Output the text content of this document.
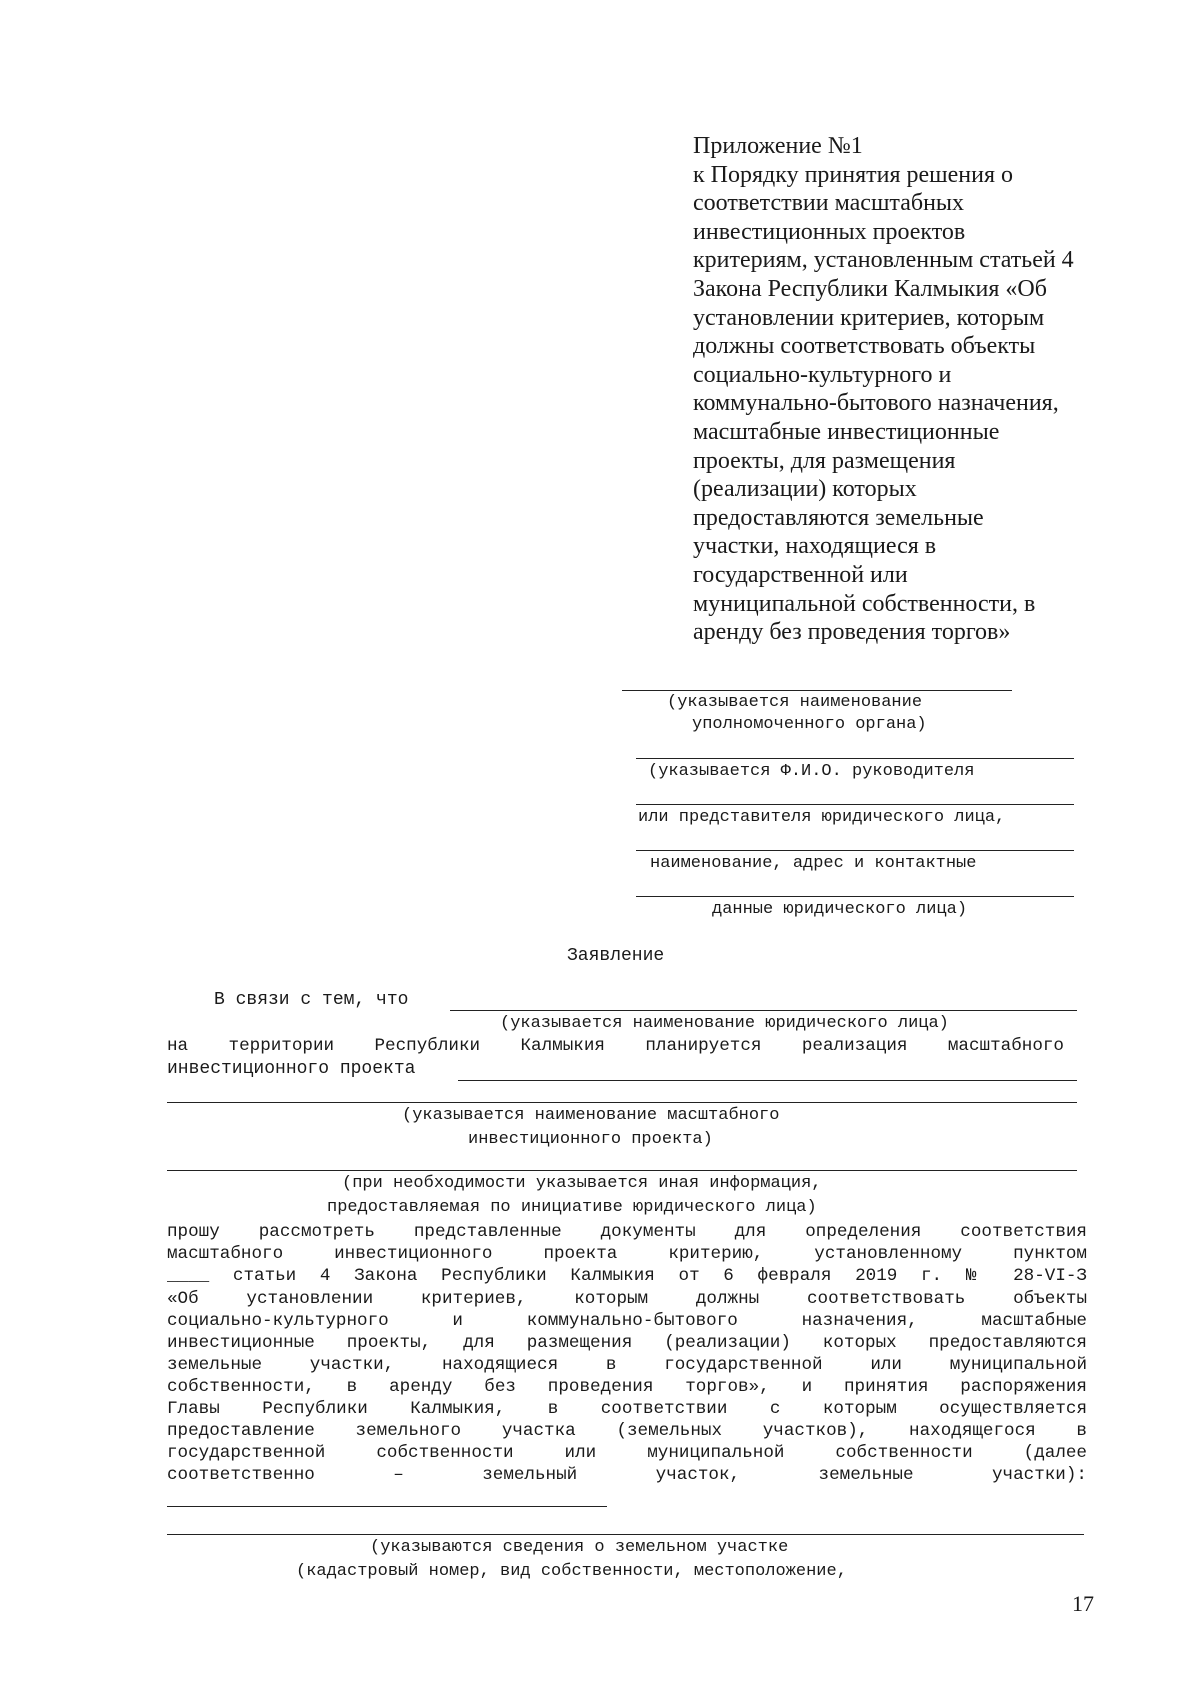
Приложение №1
к Порядку принятия решения о
соответствии масштабных
инвестиционных проектов
критериям, установленным статьей 4
Закона Республики Калмыкия «Об
установлении критериев, которым
должны соответствовать объекты
социально-культурного и
коммунально-бытового назначения,
масштабные инвестиционные
проекты, для размещения
(реализации) которых
предоставляются земельные
участки, находящиеся в
государственной или
муниципальной собственности, в
аренду без проведения торгов»
(указывается наименование
уполномоченного органа)
(указывается Ф.И.О. руководителя
или представителя юридического лица,
наименование, адрес и контактные
данные юридического лица)
Заявление
В связи с тем, что
(указывается наименование юридического лица)
на территории Республики Калмыкия планируется реализация масштабного
инвестиционного проекта
(указывается наименование масштабного
инвестиционного проекта)
(при необходимости указывается иная информация,
предоставляемая по инициативе юридического лица)
прошу рассмотреть представленные документы для определения соответствия
масштабного инвестиционного проекта критерию, установленному пунктом
____ статьи 4 Закона Республики Калмыкия от 6 февраля 2019 г. № 28-VI-З
«Об установлении критериев, которым должны соответствовать объекты
социально-культурного и коммунально-бытового назначения, масштабные
инвестиционные проекты, для размещения (реализации) которых предоставляются
земельные участки, находящиеся в государственной или муниципальной
собственности, в аренду без проведения торгов», и принятия распоряжения
Главы Республики Калмыкия, в соответствии с которым осуществляется
предоставление земельного участка (земельных участков), находящегося в
государственной собственности или муниципальной собственности (далее
соответственно – земельный участок, земельные участки):
(указываются сведения о земельном участке
(кадастровый номер, вид собственности, местоположение,
17
